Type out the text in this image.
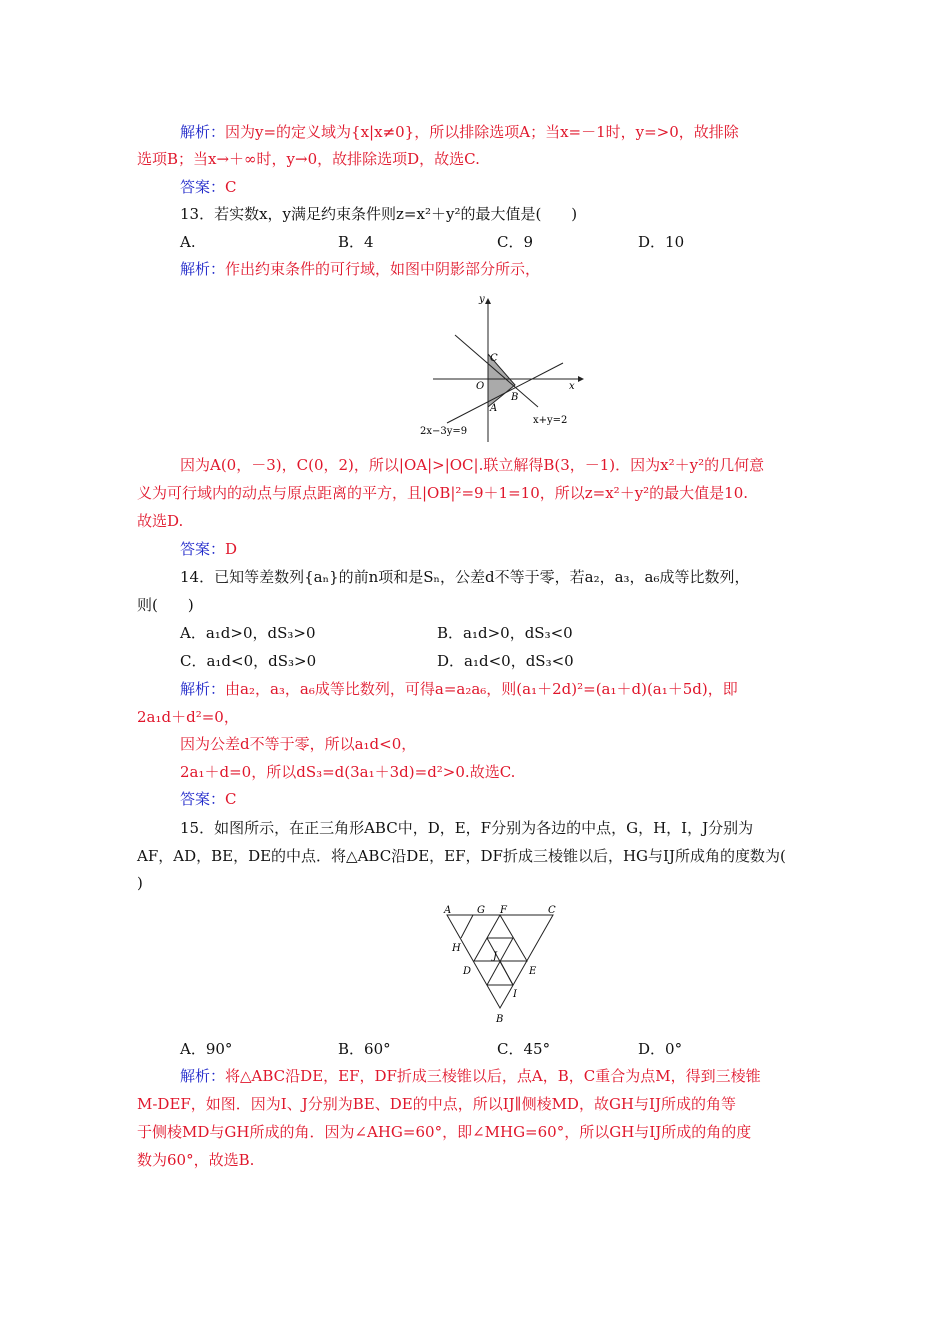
解析：因为y=的定义域为{x|x≠0}，所以排除选项A；当x=－1时，y=>0，故排除
选项B；当x→＋∞时，y→0，故排除选项D，故选C.
答案：C
13．若实数x，y满足约束条件则z=x²＋y²的最大值是(　　)
A.	B．4	C．9	D．10
解析：作出约束条件的可行域，如图中阴影部分所示，
y
x
C
O
A
B
x+y=2
2x−3y=9
因为A(0，－3)，C(0，2)，所以|OA|>|OC|.联立解得B(3，－1)．因为x²＋y²的几何意
义为可行域内的动点与原点距离的平方，且|OB|²=9＋1=10，所以z=x²＋y²的最大值是10.
故选D.
答案：D
14．已知等差数列{aₙ}的前n项和是Sₙ，公差d不等于零，若a₂，a₃，a₆成等比数列，
则(　　)
A．a₁d>0，dS₃>0	B．a₁d>0，dS₃<0
C．a₁d<0，dS₃>0	D．a₁d<0，dS₃<0
解析：由a₂，a₃，a₆成等比数列，可得a=a₂a₆，则(a₁＋2d)²=(a₁＋d)(a₁＋5d)，即
2a₁d＋d²=0，
因为公差d不等于零，所以a₁d<0，
2a₁＋d=0，所以dS₃=d(3a₁＋3d)=d²>0.故选C.
答案：C
15．如图所示，在正三角形ABC中，D，E，F分别为各边的中点，G，H，I，J分别为
AF，AD，BE，DE的中点．将△ABC沿DE，EF，DF折成三棱锥以后，HG与IJ所成角的度数为(
)
A	G F	C
H
D
J
E
I
B
A．90°	B．60°	C．45°	D．0°
解析：将△ABC沿DE，EF，DF折成三棱锥以后，点A，B，C重合为点M，得到三棱锥
M-DEF，如图．因为I、J分别为BE、DE的中点，所以IJ∥侧棱MD，故GH与IJ所成的角等
于侧棱MD与GH所成的角．因为∠AHG=60°，即∠MHG=60°，所以GH与IJ所成的角的度
数为60°，故选B.
